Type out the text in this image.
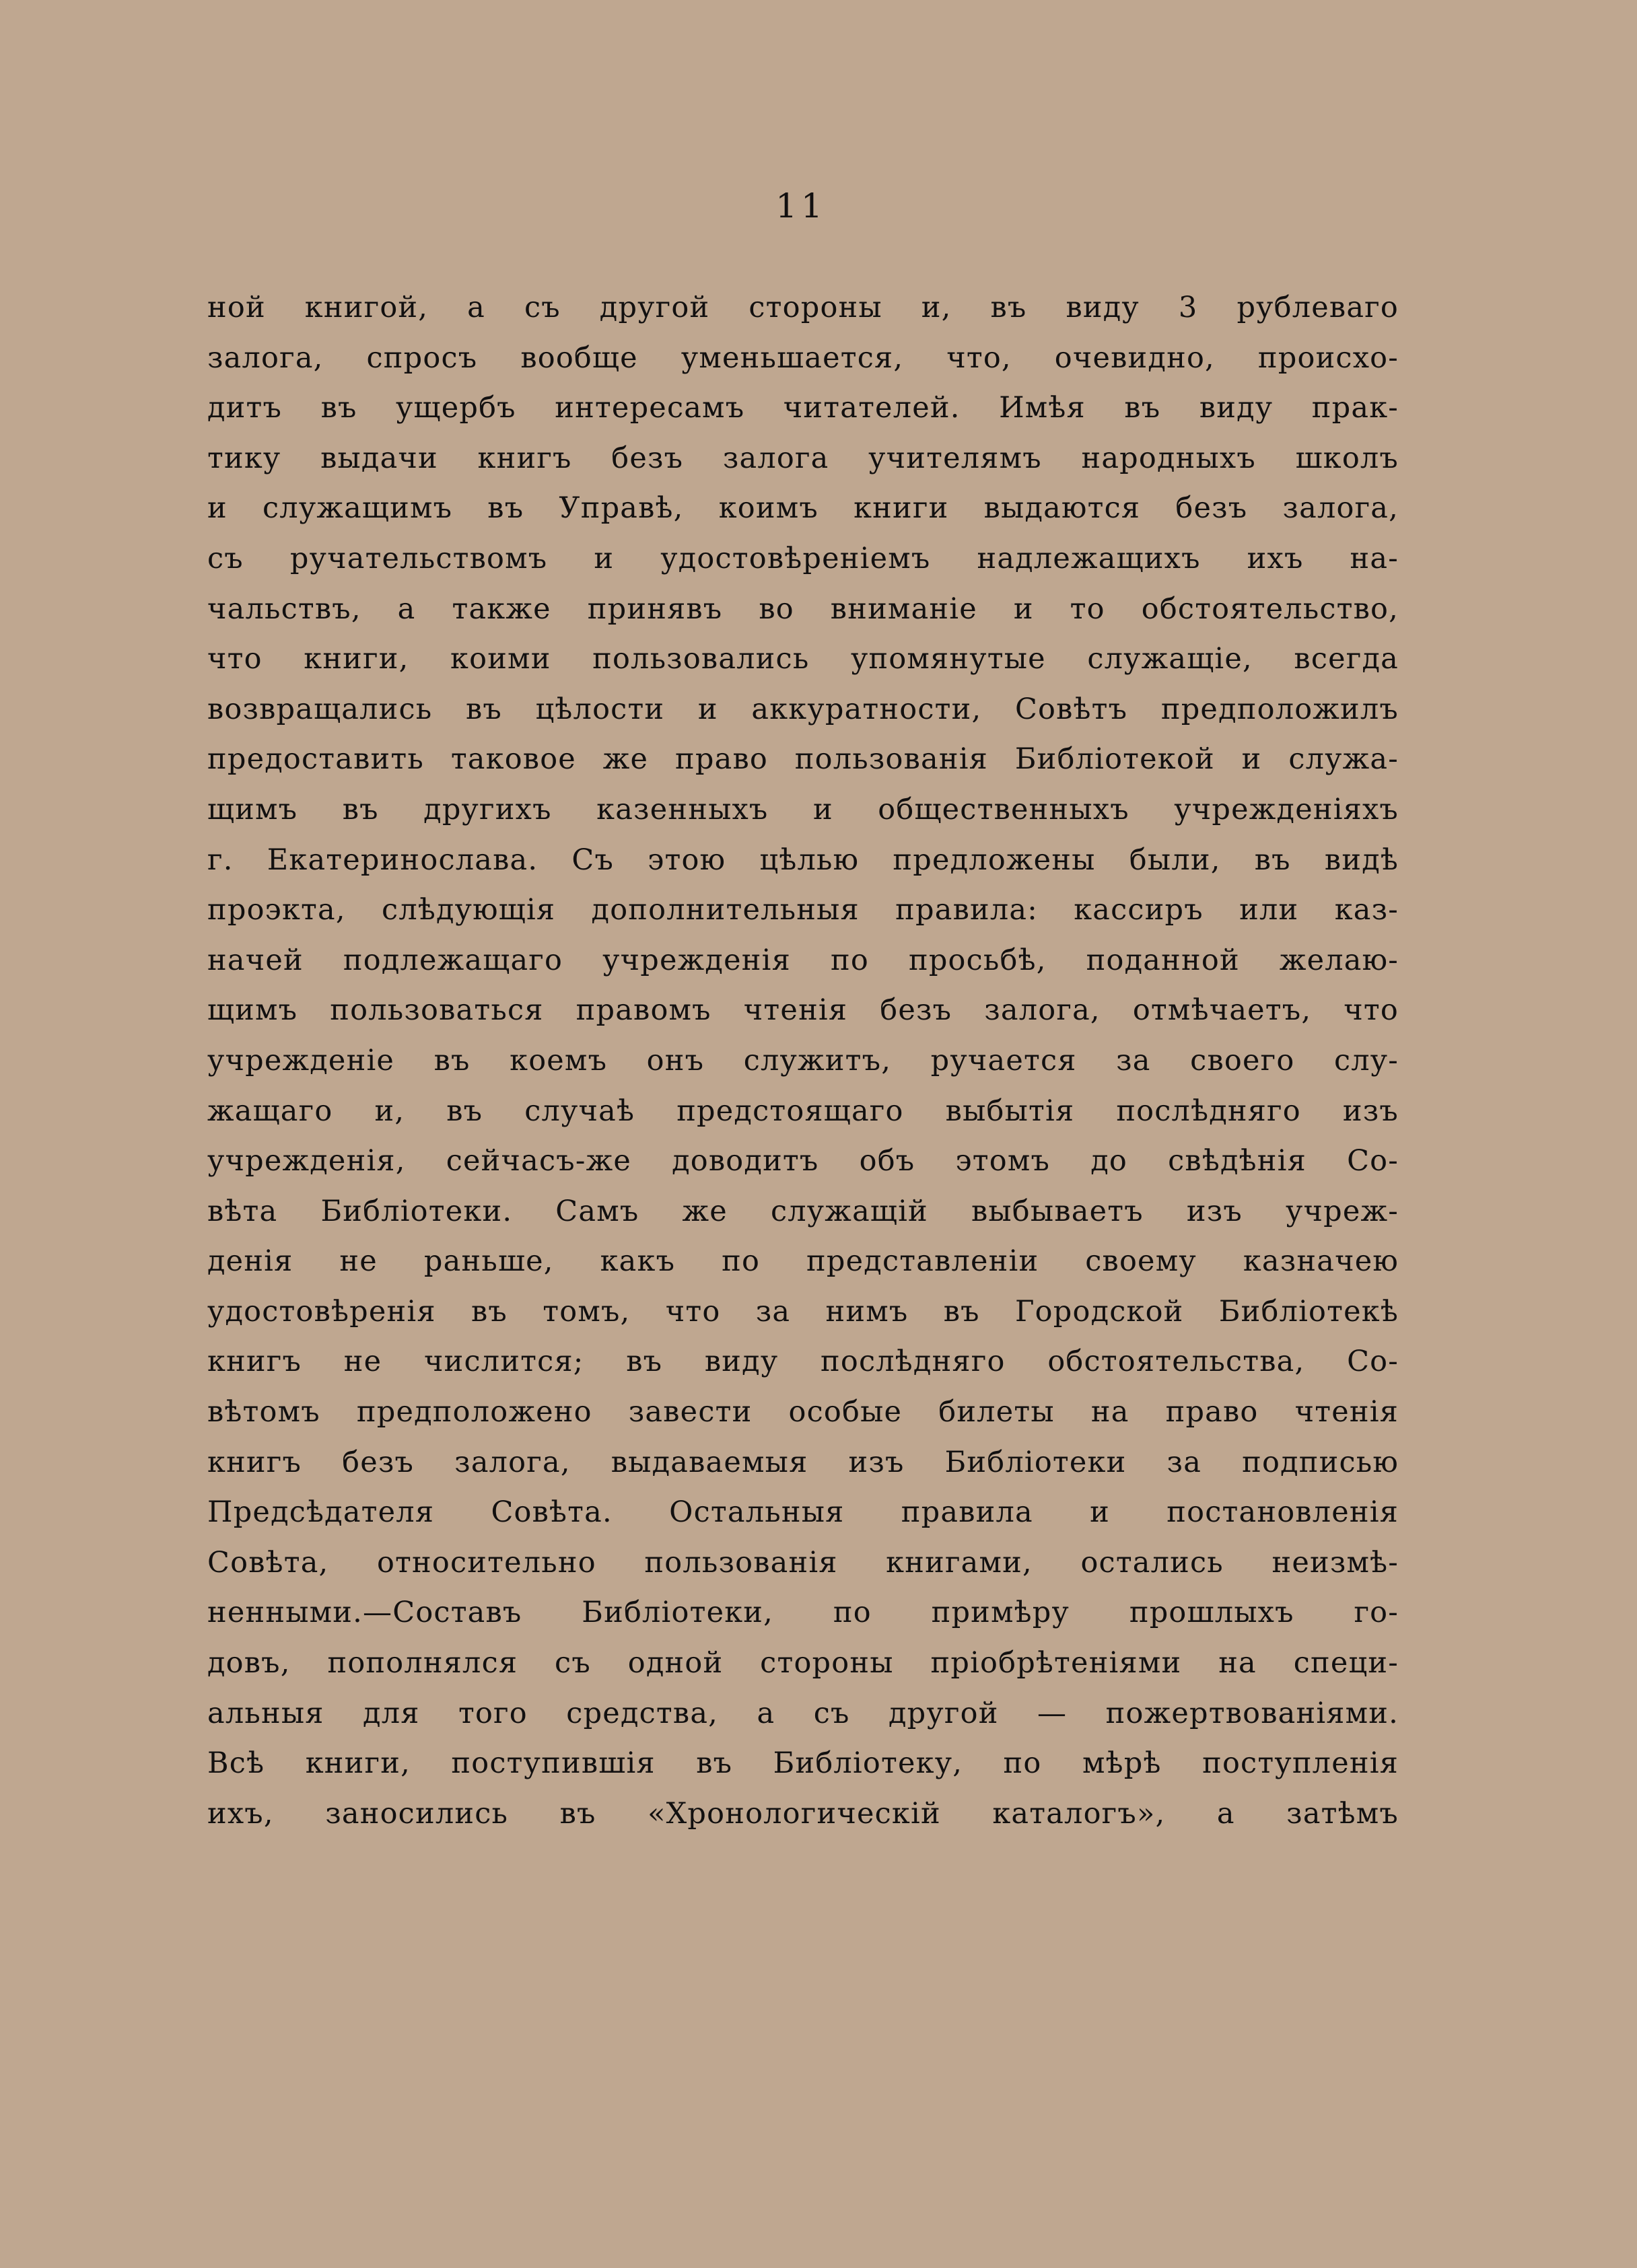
11
ной книгой, а съ другой стороны и, въ виду 3 рублеваго
залога, спросъ вообще уменьшается, что, очевидно, происхо-
дитъ въ ущербъ интересамъ читателей. Имѣя въ виду прак-
тику выдачи книгъ безъ залога учителямъ народныхъ школъ
и служащимъ въ Управѣ, коимъ книги выдаются безъ залога,
съ ручательствомъ и удостовѣреніемъ надлежащихъ ихъ на-
чальствъ, а также принявъ во вниманіе и то обстоятельство,
что книги, коими пользовались упомянутые служащіе, всегда
возвращались въ цѣлости и аккуратности, Совѣтъ предположилъ
предоставить таковое же право пользованія Библіотекой и служа-
щимъ въ другихъ казенныхъ и общественныхъ учрежденіяхъ
г. Екатеринослава. Съ этою цѣлью предложены были, въ видѣ
проэкта, слѣдующія дополнительныя правила: кассиръ или каз-
начей подлежащаго учрежденія по просьбѣ, поданной желаю-
щимъ пользоваться правомъ чтенія безъ залога, отмѣчаетъ, что
учрежденіе въ коемъ онъ служитъ, ручается за своего слу-
жащаго и, въ случаѣ предстоящаго выбытія послѣдняго изъ
учрежденія, сейчасъ-же доводитъ объ этомъ до свѣдѣнія Со-
вѣта Библіотеки. Самъ же служащій выбываетъ изъ учреж-
денія не раньше, какъ по представленіи своему казначею
удостовѣренія въ томъ, что за нимъ въ Городской Библіотекѣ
книгъ не числится; въ виду послѣдняго обстоятельства, Со-
вѣтомъ предположено завести особые билеты на право чтенія
книгъ безъ залога, выдаваемыя изъ Библіотеки за подписью
Предсѣдателя Совѣта. Остальныя правила и постановленія
Совѣта, относительно пользованія книгами, остались неизмѣ-
ненными.—Составъ Библіотеки, по примѣру прошлыхъ го-
довъ, пополнялся съ одной стороны пріобрѣтеніями на специ-
альныя для того средства, а съ другой — пожертвованіями.
Всѣ книги, поступившія въ Библіотеку, по мѣрѣ поступленія
ихъ, заносились въ «Хронологическій каталогъ», а затѣмъ
